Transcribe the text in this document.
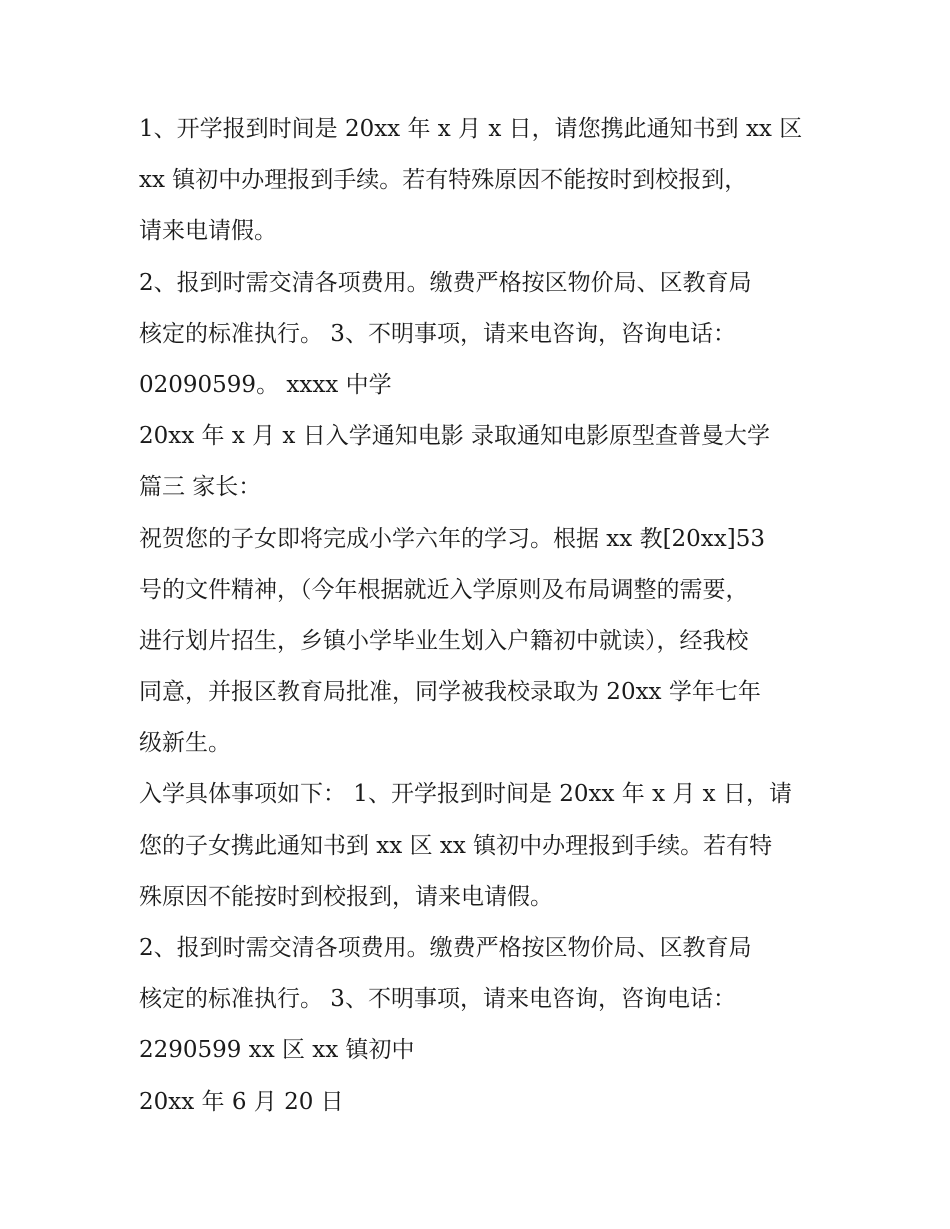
1、开学报到时间是 20xx 年 x 月 x 日，请您携此通知书到 xx 区
xx 镇初中办理报到手续。若有特殊原因不能按时到校报到，
请来电请假。
2、报到时需交清各项费用。缴费严格按区物价局、区教育局
核定的标准执行。 3、不明事项，请来电咨询，咨询电话：
02090599。 xxxx 中学
20xx 年 x 月 x 日入学通知电影 录取通知电影原型查普曼大学
篇三 家长：
祝贺您的子女即将完成小学六年的学习。根据 xx 教[20xx]53
号的文件精神，（今年根据就近入学原则及布局调整的需要，
进行划片招生，乡镇小学毕业生划入户籍初中就读），经我校
同意，并报区教育局批准，同学被我校录取为 20xx 学年七年
级新生。
入学具体事项如下： 1、开学报到时间是 20xx 年 x 月 x 日，请
您的子女携此通知书到 xx 区 xx 镇初中办理报到手续。若有特
殊原因不能按时到校报到，请来电请假。
2、报到时需交清各项费用。缴费严格按区物价局、区教育局
核定的标准执行。 3、不明事项，请来电咨询，咨询电话：
2290599 xx 区 xx 镇初中
20xx 年 6 月 20 日
